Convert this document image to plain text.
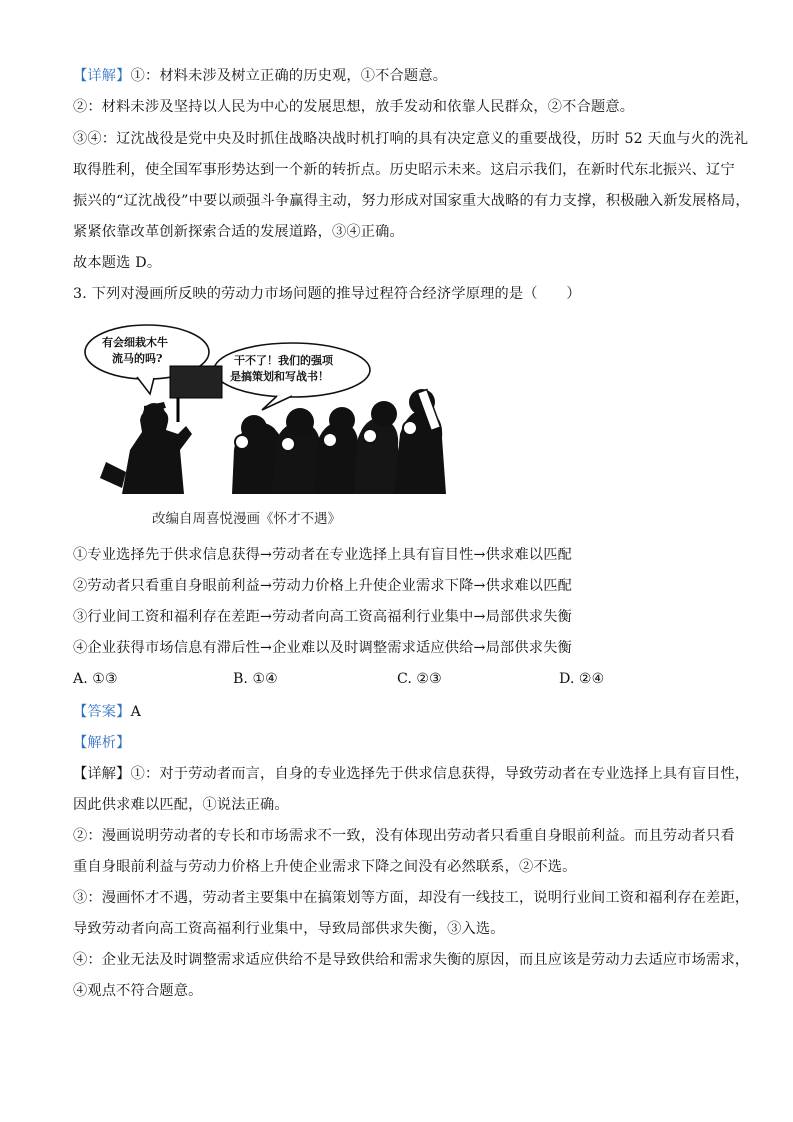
【详解】①：材料未涉及树立正确的历史观，①不合题意。
②：材料未涉及坚持以人民为中心的发展思想，放手发动和依靠人民群众，②不合题意。
③④：辽沈战役是党中央及时抓住战略决战时机打响的具有决定意义的重要战役，历时 52 天血与火的洗礼
取得胜利，使全国军事形势达到一个新的转折点。历史昭示未来。这启示我们，在新时代东北振兴、辽宁
振兴的“辽沈战役”中要以顽强斗争赢得主动，努力形成对国家重大战略的有力支撑，积极融入新发展格局，
紧紧依靠改革创新探索合适的发展道路，③④正确。
故本题选 D。
3. 下列对漫画所反映的劳动力市场问题的推导过程符合经济学原理的是（　　）
有会细栽木牛
流马的吗?	干不了！我们的强项
是搞策划和写战书！
改编自周喜悦漫画《怀才不遇》
①专业选择先于供求信息获得→劳动者在专业选择上具有盲目性→供求难以匹配
②劳动者只看重自身眼前利益→劳动力价格上升使企业需求下降→供求难以匹配
③行业间工资和福利存在差距→劳动者向高工资高福利行业集中→局部供求失衡
④企业获得市场信息有滞后性→企业难以及时调整需求适应供给→局部供求失衡
A. ①③	B. ①④	C. ②③	D. ②④
【答案】A
【解析】
【详解】①：对于劳动者而言，自身的专业选择先于供求信息获得，导致劳动者在专业选择上具有盲目性，
因此供求难以匹配，①说法正确。
②：漫画说明劳动者的专长和市场需求不一致，没有体现出劳动者只看重自身眼前利益。而且劳动者只看
重自身眼前利益与劳动力价格上升使企业需求下降之间没有必然联系，②不选。
③：漫画怀才不遇，劳动者主要集中在搞策划等方面，却没有一线技工，说明行业间工资和福利存在差距，
导致劳动者向高工资高福利行业集中，导致局部供求失衡，③入选。
④：企业无法及时调整需求适应供给不是导致供给和需求失衡的原因，而且应该是劳动力去适应市场需求，
④观点不符合题意。
